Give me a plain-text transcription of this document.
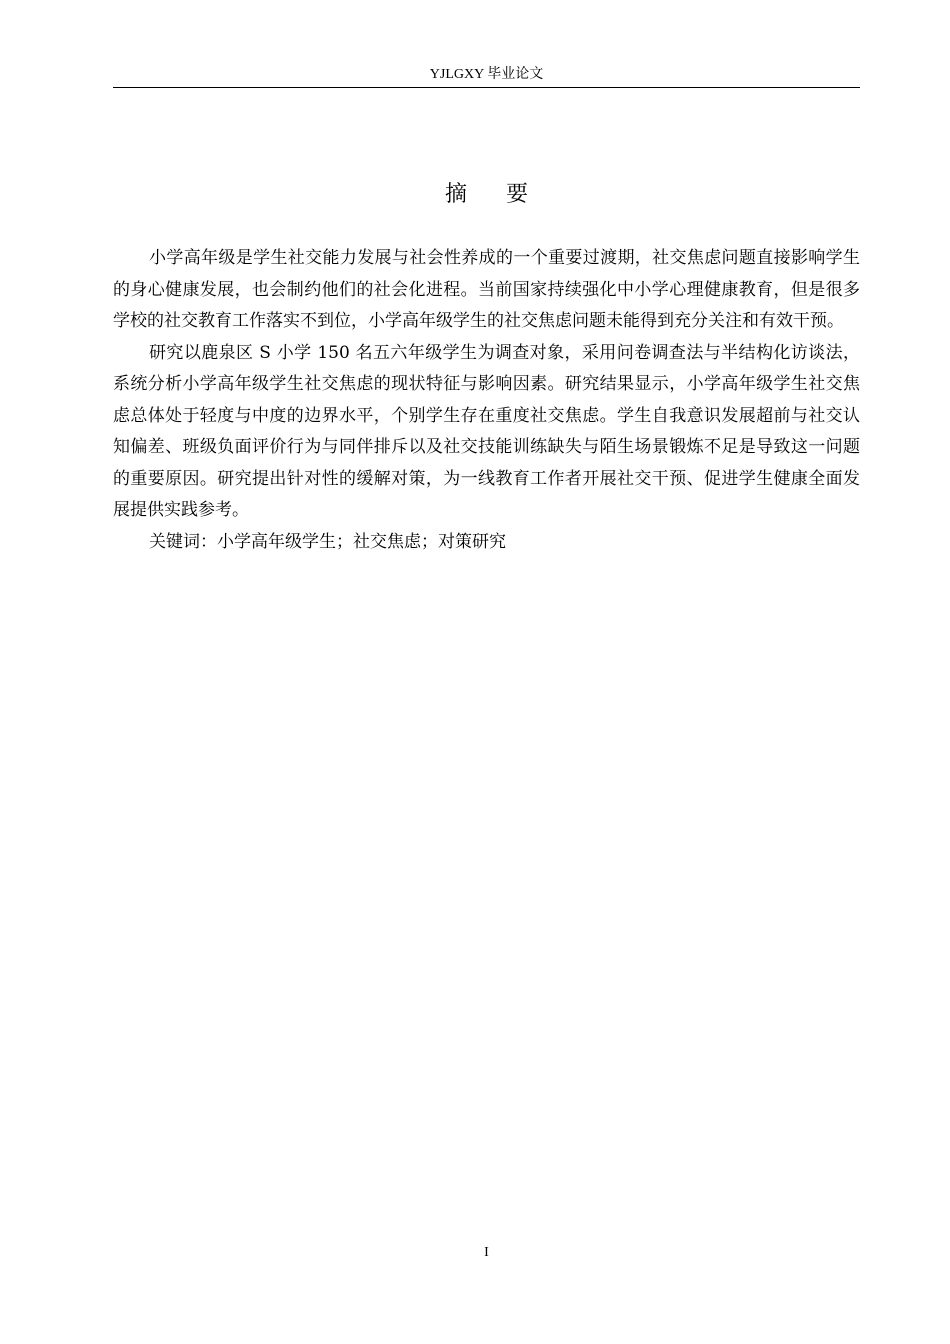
YJLGXY 毕业论文
摘 要

小学高年级是学生社交能力发展与社会性养成的一个重要过渡期，社交焦虑问题直接影响学生的身心健康发展，也会制约他们的社会化进程。当前国家持续强化中小学心理健康教育，但是很多学校的社交教育工作落实不到位，小学高年级学生的社交焦虑问题未能得到充分关注和有效干预。

研究以鹿泉区 S 小学 150 名五六年级学生为调查对象，采用问卷调查法与半结构化访谈法，系统分析小学高年级学生社交焦虑的现状特征与影响因素。研究结果显示，小学高年级学生社交焦虑总体处于轻度与中度的边界水平，个别学生存在重度社交焦虑。学生自我意识发展超前与社交认知偏差、班级负面评价行为与同伴排斥以及社交技能训练缺失与陌生场景锻炼不足是导致这一问题的重要原因。研究提出针对性的缓解对策，为一线教育工作者开展社交干预、促进学生健康全面发展提供实践参考。

关键词：小学高年级学生；社交焦虑；对策研究

I
